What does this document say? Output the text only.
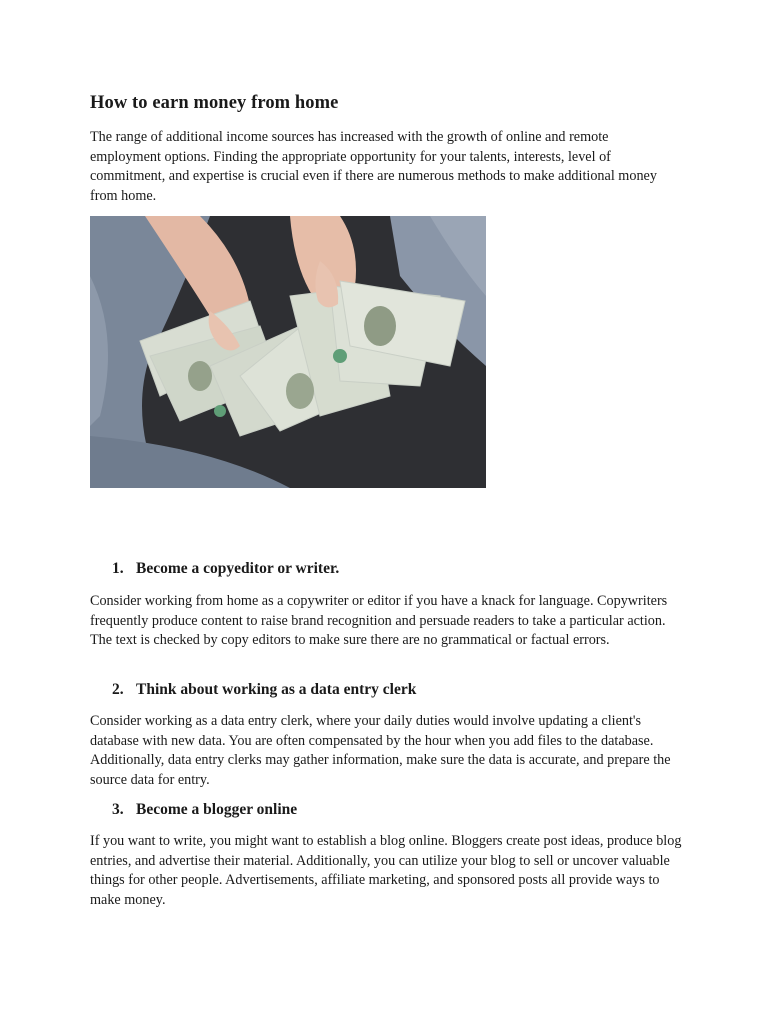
How to earn money from home

The range of additional income sources has increased with the growth of online and remote employment options. Finding the appropriate opportunity for your talents, interests, level of commitment, and expertise is crucial even if there are numerous methods to make additional money from home.

1. Become a copyeditor or writer.

Consider working from home as a copywriter or editor if you have a knack for language. Copywriters frequently produce content to raise brand recognition and persuade readers to take a particular action. The text is checked by copy editors to make sure there are no grammatical or factual errors.

2. Think about working as a data entry clerk

Consider working as a data entry clerk, where your daily duties would involve updating a client's database with new data. You are often compensated by the hour when you add files to the database. Additionally, data entry clerks may gather information, make sure the data is accurate, and prepare the source data for entry.

3. Become a blogger online

If you want to write, you might want to establish a blog online. Bloggers create post ideas, produce blog entries, and advertise their material. Additionally, you can utilize your blog to sell or uncover valuable things for other people. Advertisements, affiliate marketing, and sponsored posts all provide ways to make money.
